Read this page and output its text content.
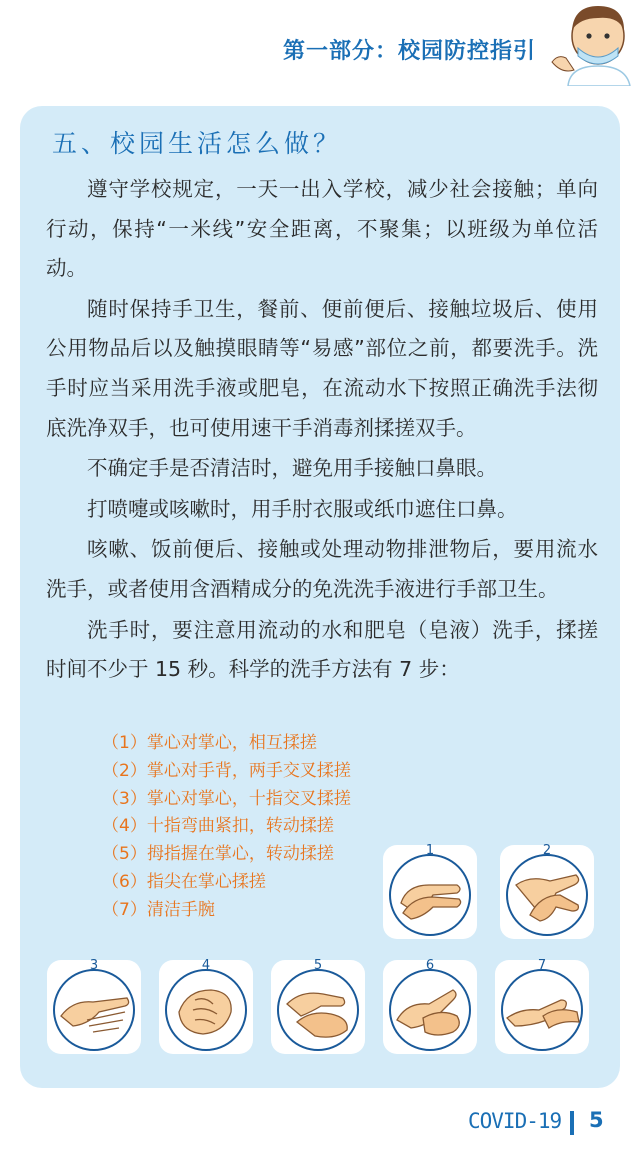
第一部分：校园防控指引
五、校园生活怎么做？

遵守学校规定，一天一出入学校，减少社会接触；单向行动，保持“一米线”安全距离，不聚集；以班级为单位活动。

随时保持手卫生，餐前、便前便后、接触垃圾后、使用公用物品后以及触摸眼睛等“易感”部位之前，都要洗手。洗手时应当采用洗手液或肥皂，在流动水下按照正确洗手法彻底洗净双手，也可使用速干手消毒剂揉搓双手。

不确定手是否清洁时，避免用手接触口鼻眼。

打喷嚏或咳嗽时，用手肘衣服或纸巾遮住口鼻。

咳嗽、饭前便后、接触或处理动物排泄物后，要用流水洗手，或者使用含酒精成分的免洗洗手液进行手部卫生。

洗手时，要注意用流动的水和肥皂（皂液）洗手，揉搓时间不少于 15 秒。科学的洗手方法有 7 步：

（1）掌心对掌心，相互揉搓
（2）掌心对手背，两手交叉揉搓
（3）掌心对掌心，十指交叉揉搓
（4）十指弯曲紧扣，转动揉搓
（5）拇指握在掌心，转动揉搓
（6）指尖在掌心揉搓
（7）清洁手腕
1	2
3	4	5	6	7
COVID-19 5
